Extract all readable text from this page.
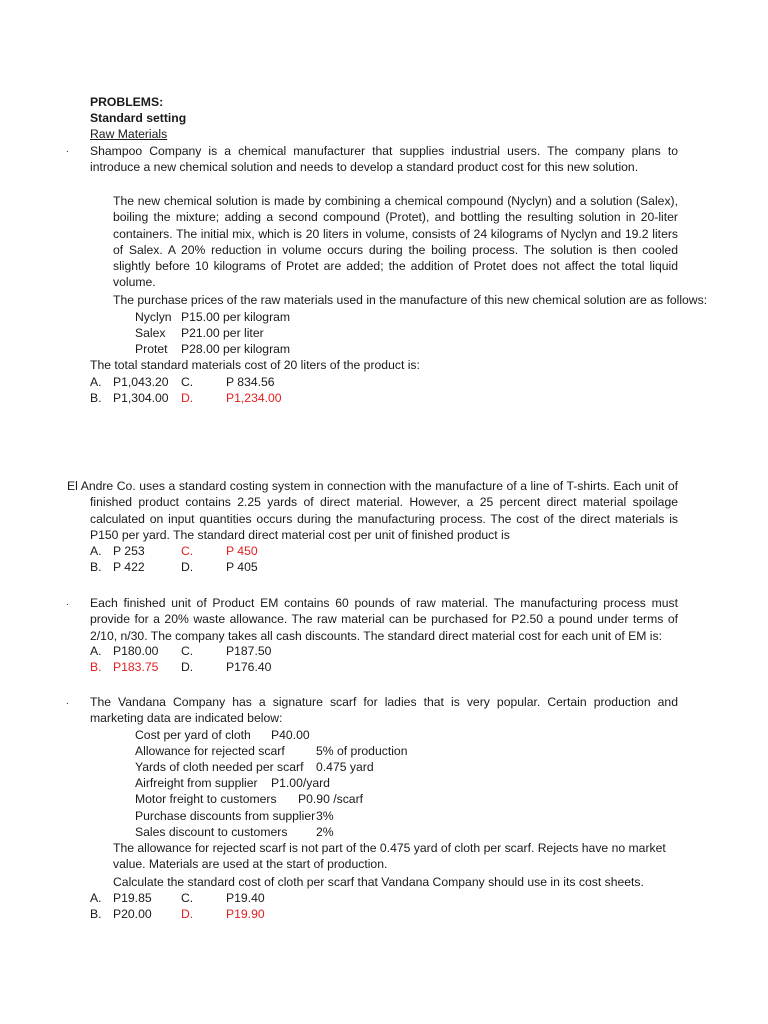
PROBLEMS:
Standard setting
Raw Materials
. Shampoo Company is a chemical manufacturer that supplies industrial users. The company plans to introduce a new chemical solution and needs to develop a standard product cost for this new solution.
The new chemical solution is made by combining a chemical compound (Nyclyn) and a solution (Salex), boiling the mixture; adding a second compound (Protet), and bottling the resulting solution in 20-liter containers. The initial mix, which is 20 liters in volume, consists of 24 kilograms of Nyclyn and 19.2 liters of Salex. A 20% reduction in volume occurs during the boiling process. The solution is then cooled slightly before 10 kilograms of Protet are added; the addition of Protet does not affect the total liquid volume.
The purchase prices of the raw materials used in the manufacture of this new chemical solution are as follows:
Nyclyn P15.00 per kilogram
Salex P21.00 per liter
Protet P28.00 per kilogram
The total standard materials cost of 20 liters of the product is:
A. P1,043.20 C.	P 834.56
B. P1,304.00 D.	P1,234.00
El Andre Co. uses a standard costing system in connection with the manufacture of a line of T-shirts. Each unit of finished product contains 2.25 yards of direct material. However, a 25 percent direct material spoilage calculated on input quantities occurs during the manufacturing process. The cost of the direct materials is P150 per yard. The standard direct material cost per unit of finished product is
A. P 253	C.	P 450
B. P 422	D.	P 405
. Each finished unit of Product EM contains 60 pounds of raw material. The manufacturing process must provide for a 20% waste allowance. The raw material can be purchased for P2.50 a pound under terms of 2/10, n/30. The company takes all cash discounts. The standard direct material cost for each unit of EM is:
A. P180.00 C.	P187.50
B. P183.75 D.	P176.40
. The Vandana Company has a signature scarf for ladies that is very popular. Certain production and marketing data are indicated below:
Cost per yard of cloth P40.00
Allowance for rejected scarf	5% of production
Yards of cloth needed per scarf 0.475 yard
Airfreight from supplier P1.00/yard
Motor freight to customers P0.90 /scarf
Purchase discounts from supplier 3%
Sales discount to customers 2%
The allowance for rejected scarf is not part of the 0.475 yard of cloth per scarf. Rejects have no market value. Materials are used at the start of production.
Calculate the standard cost of cloth per scarf that Vandana Company should use in its cost sheets.
A. P19.85 C.	P19.40
B. P20.00 D.	P19.90
